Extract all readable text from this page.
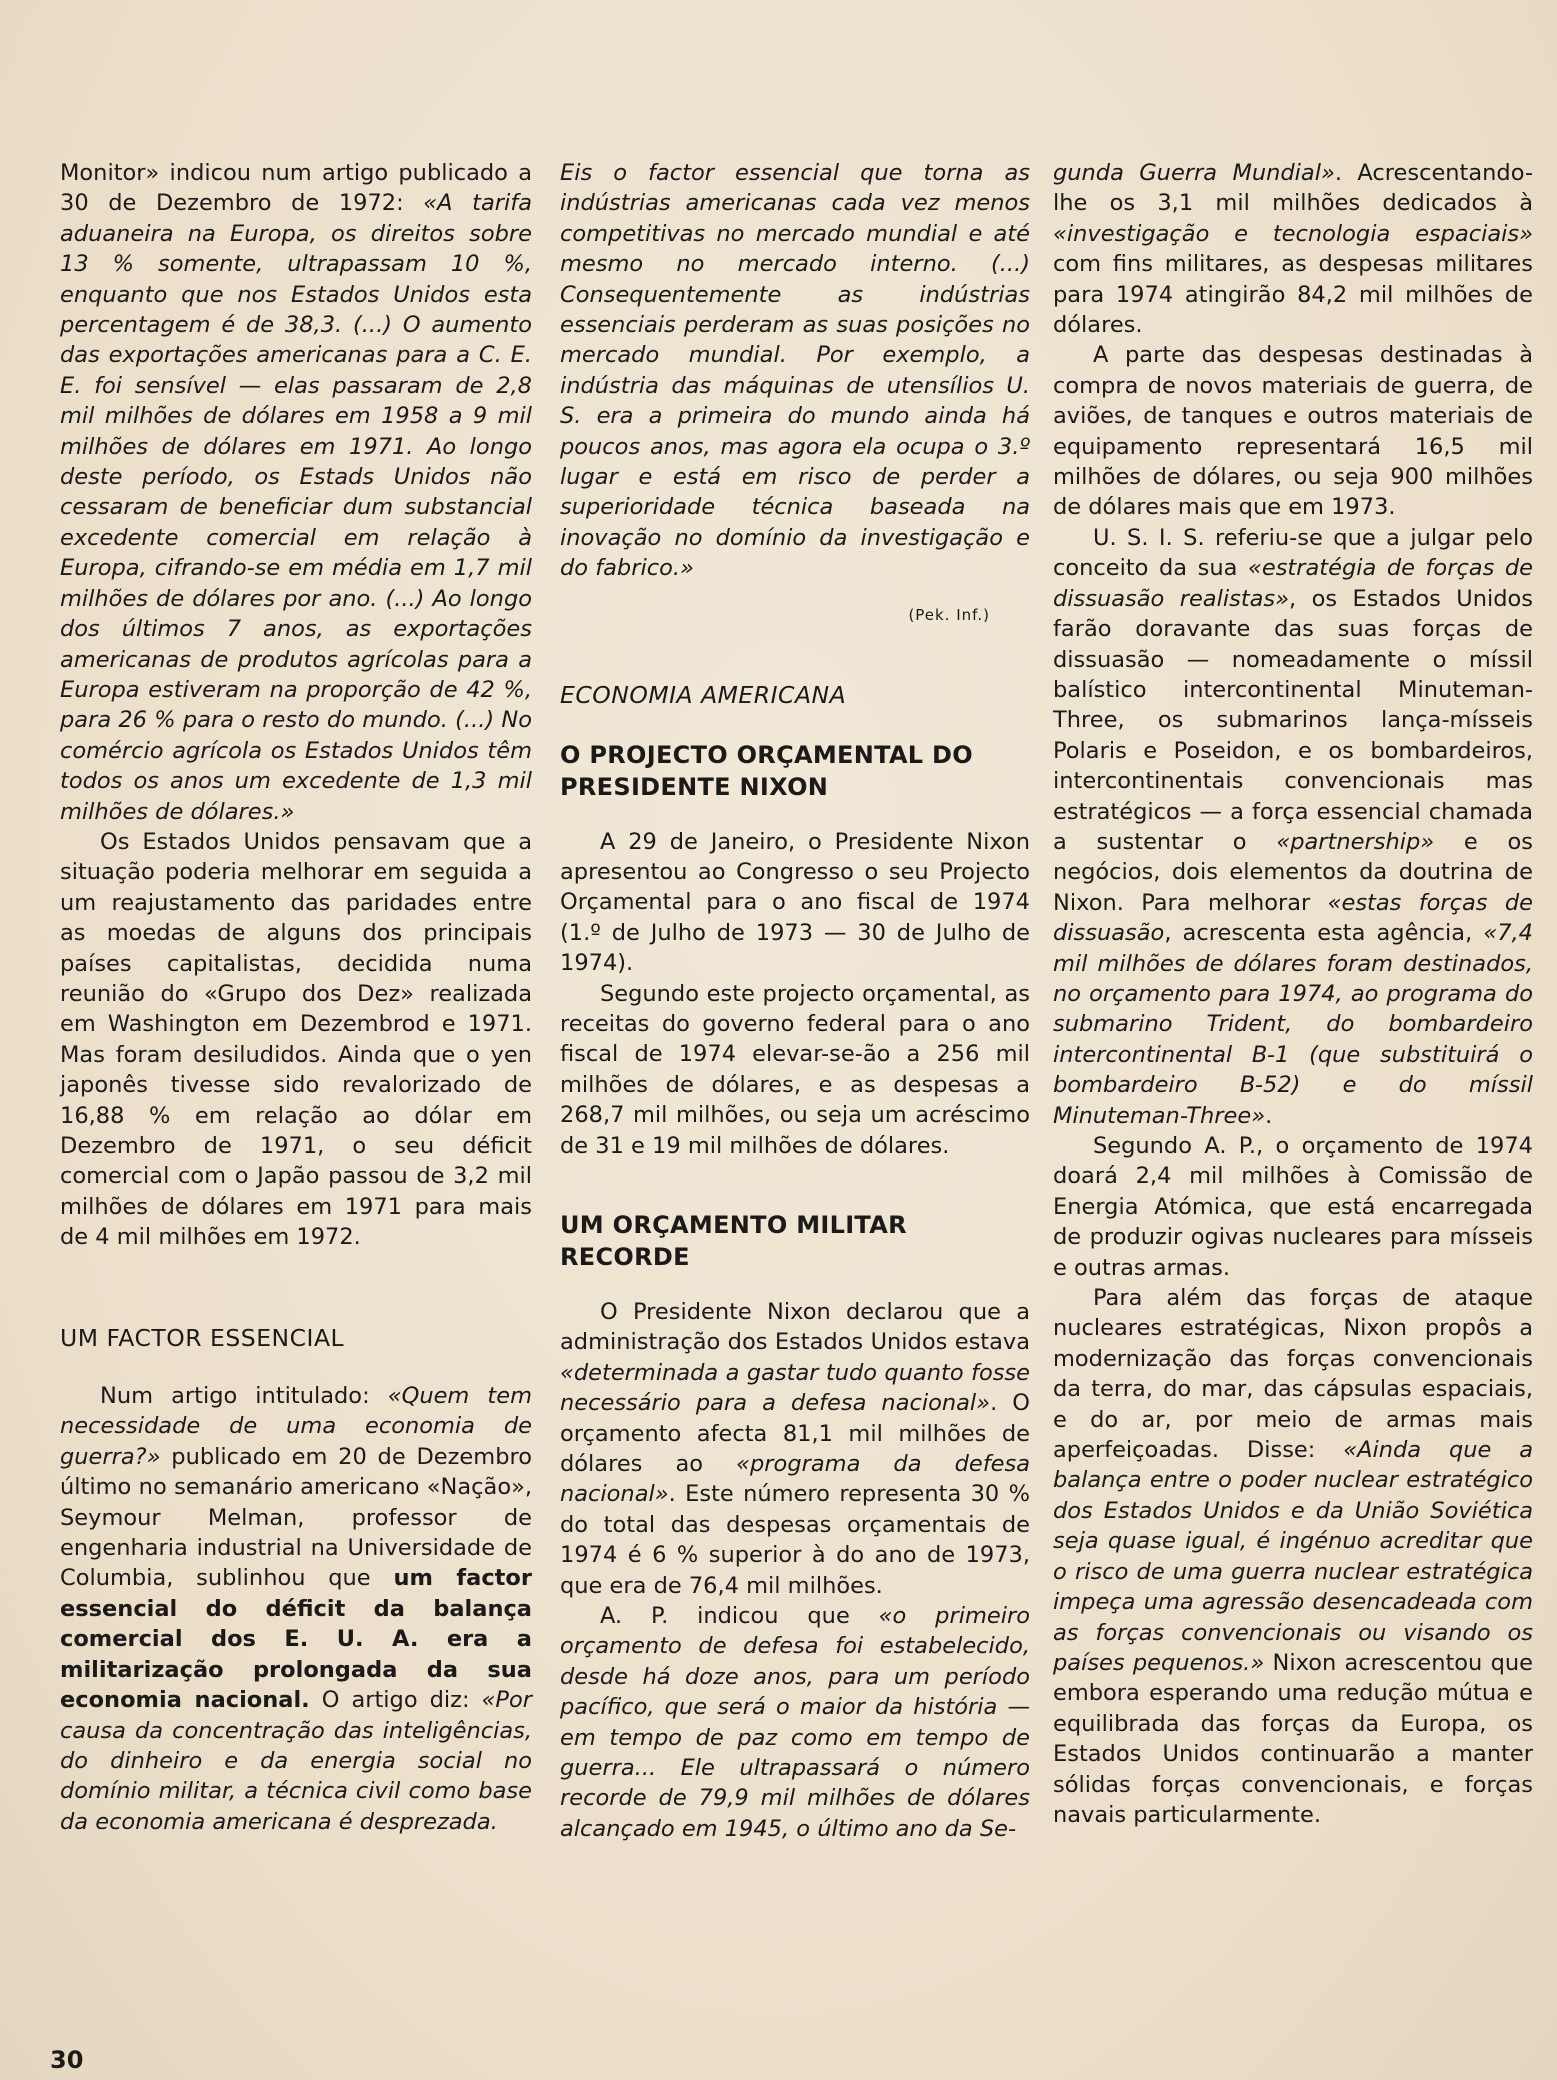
Monitor» indicou num artigo publicado a 30 de Dezembro de 1972: «A tarifa aduaneira na Europa, os direitos sobre 13 % somente, ultrapassam 10 %, enquanto que nos Estados Unidos esta percentagem é de 38,3. (...) O aumento das exportações americanas para a C. E. E. foi sensível — elas passaram de 2,8 mil milhões de dólares em 1958 a 9 mil milhões de dólares em 1971. Ao longo deste período, os Estads Unidos não cessaram de beneficiar dum substancial excedente comercial em relação à Europa, cifrando-se em média em 1,7 mil milhões de dólares por ano. (...) Ao longo dos últimos 7 anos, as exportações americanas de produtos agrícolas para a Europa estiveram na proporção de 42 %, para 26 % para o resto do mundo. (...) No comércio agrícola os Estados Unidos têm todos os anos um excedente de 1,3 mil milhões de dólares.»

Os Estados Unidos pensavam que a situação poderia melhorar em seguida a um reajustamento das paridades entre as moedas de alguns dos principais países capitalistas, decidida numa reunião do «Grupo dos Dez» realizada em Washington em Dezembrod e 1971. Mas foram desiludidos. Ainda que o yen japonês tivesse sido revalorizado de 16,88 % em relação ao dólar em Dezembro de 1971, o seu déficit comercial com o Japão passou de 3,2 mil milhões de dólares em 1971 para mais de 4 mil milhões em 1972.

UM FACTOR ESSENCIAL

Num artigo intitulado: «Quem tem necessidade de uma economia de guerra?» publicado em 20 de Dezembro último no semanário americano «Nação», Seymour Melman, professor de engenharia industrial na Universidade de Columbia, sublinhou que um factor essencial do déficit da balança comercial dos E. U. A. era a militarização prolongada da sua economia nacional. O artigo diz: «Por causa da concentração das inteligências, do dinheiro e da energia social no domínio militar, a técnica civil como base da economia americana é desprezada.

Eis o factor essencial que torna as indústrias americanas cada vez menos competitivas no mercado mundial e até mesmo no mercado interno. (...) Consequentemente as indústrias essenciais perderam as suas posições no mercado mundial. Por exemplo, a indústria das máquinas de utensílios U. S. era a primeira do mundo ainda há poucos anos, mas agora ela ocupa o 3.º lugar e está em risco de perder a superioridade técnica baseada na inovação no domínio da investigação e do fabrico.»

(Pek. Inf.)

ECONOMIA AMERICANA

O PROJECTO ORÇAMENTAL DO PRESIDENTE NIXON

A 29 de Janeiro, o Presidente Nixon apresentou ao Congresso o seu Projecto Orçamental para o ano fiscal de 1974 (1.º de Julho de 1973 — 30 de Julho de 1974).

Segundo este projecto orçamental, as receitas do governo federal para o ano fiscal de 1974 elevar-se-ão a 256 mil milhões de dólares, e as despesas a 268,7 mil milhões, ou seja um acréscimo de 31 e 19 mil milhões de dólares.

UM ORÇAMENTO MILITAR RECORDE

O Presidente Nixon declarou que a administração dos Estados Unidos estava «determinada a gastar tudo quanto fosse necessário para a defesa nacional». O orçamento afecta 81,1 mil milhões de dólares ao «programa da defesa nacional». Este número representa 30 % do total das despesas orçamentais de 1974 é 6 % superior à do ano de 1973, que era de 76,4 mil milhões.

A. P. indicou que «o primeiro orçamento de defesa foi estabelecido, desde há doze anos, para um período pacífico, que será o maior da história — em tempo de paz como em tempo de guerra... Ele ultrapassará o número recorde de 79,9 mil milhões de dólares alcançado em 1945, o último ano da Se-

gunda Guerra Mundial». Acrescentando-lhe os 3,1 mil milhões dedicados à «investigação e tecnologia espaciais» com fins militares, as despesas militares para 1974 atingirão 84,2 mil milhões de dólares.

A parte das despesas destinadas à compra de novos materiais de guerra, de aviões, de tanques e outros materiais de equipamento representará 16,5 mil milhões de dólares, ou seja 900 milhões de dólares mais que em 1973.

U. S. I. S. referiu-se que a julgar pelo conceito da sua «estratégia de forças de dissuasão realistas», os Estados Unidos farão doravante das suas forças de dissuasão — nomeadamente o míssil balístico intercontinental Minuteman-Three, os submarinos lança-mísseis Polaris e Poseidon, e os bombardeiros, intercontinentais convencionais mas estratégicos — a força essencial chamada a sustentar o «partnership» e os negócios, dois elementos da doutrina de Nixon. Para melhorar «estas forças de dissuasão, acrescenta esta agência, «7,4 mil milhões de dólares foram destinados, no orçamento para 1974, ao programa do submarino Trident, do bombardeiro intercontinental B-1 (que substituirá o bombardeiro B-52) e do míssil Minuteman-Three».

Segundo A. P., o orçamento de 1974 doará 2,4 mil milhões à Comissão de Energia Atómica, que está encarregada de produzir ogivas nucleares para mísseis e outras armas.

Para além das forças de ataque nucleares estratégicas, Nixon propôs a modernização das forças convencionais da terra, do mar, das cápsulas espaciais, e do ar, por meio de armas mais aperfeiçoadas. Disse: «Ainda que a balança entre o poder nuclear estratégico dos Estados Unidos e da União Soviética seja quase igual, é ingénuo acreditar que o risco de uma guerra nuclear estratégica impeça uma agressão desencadeada com as forças convencionais ou visando os países pequenos.» Nixon acrescentou que embora esperando uma redução mútua e equilibrada das forças da Europa, os Estados Unidos continuarão a manter sólidas forças convencionais, e forças navais particularmente.

30
